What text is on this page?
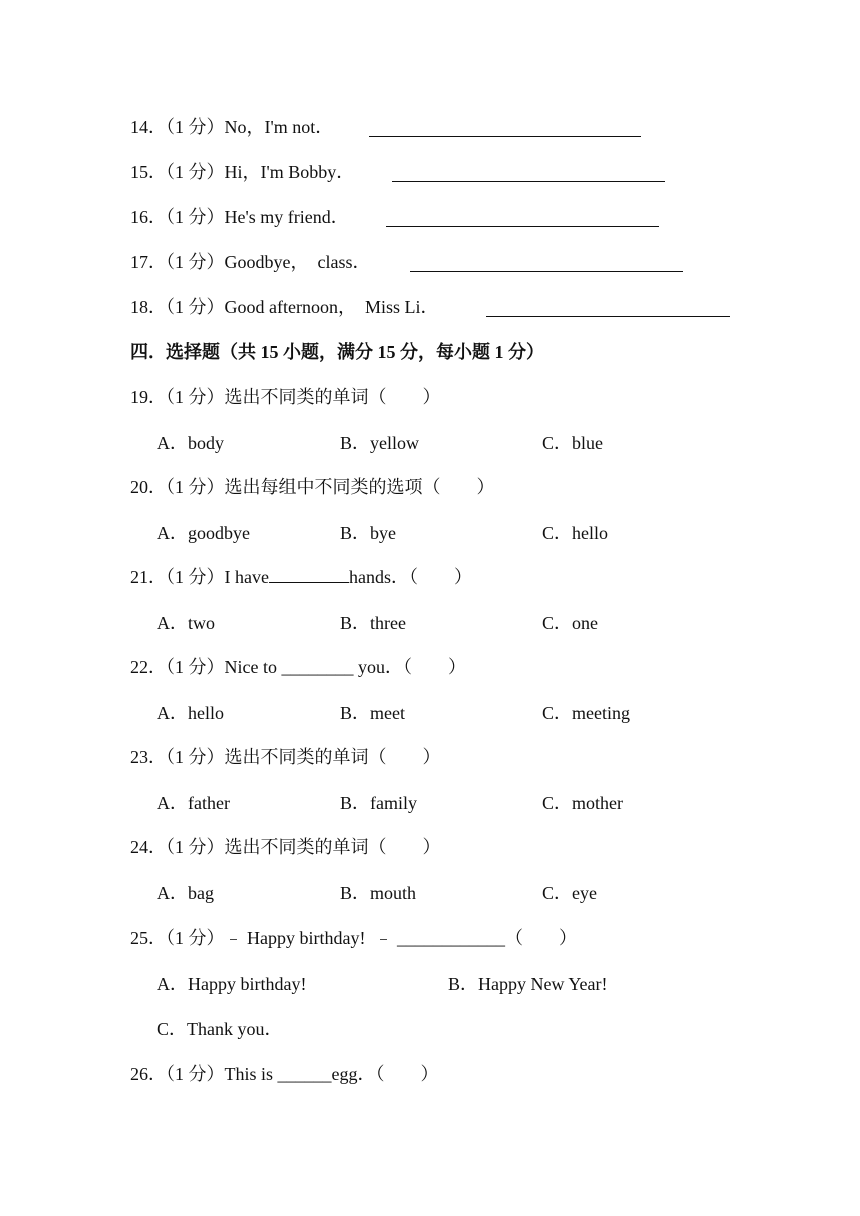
14．（1 分）No，I'm not．
15．（1 分）Hi，I'm Bobby．
16．（1 分）He's my friend．
17．（1 分）Goodbye，  class．
18．（1 分）Good afternoon，  Miss Li．
四．选择题（共 15 小题，满分 15 分，每小题 1 分）
19．（1 分）选出不同类的单词（　　）
A．body	B．yellow	C．blue
20．（1 分）选出每组中不同类的选项（　　）
A．goodbye	B．bye	C．hello
21．（1 分）I have	hands．（　　）
A．two	B．three	C．one
22．（1 分）Nice to ________ you．（　　）
A．hello	B．meet	C．meeting
23．（1 分）选出不同类的单词（　　）
A．father	B．family	C．mother
24．（1 分）选出不同类的单词（　　）
A．bag	B．mouth	C．eye
25．（1 分）﹣ Happy birthday!  ﹣ ____________（　　）
A．Happy birthday!	B．Happy New Year!
C．Thank you．
26．（1 分）This is ______egg．（　　）
